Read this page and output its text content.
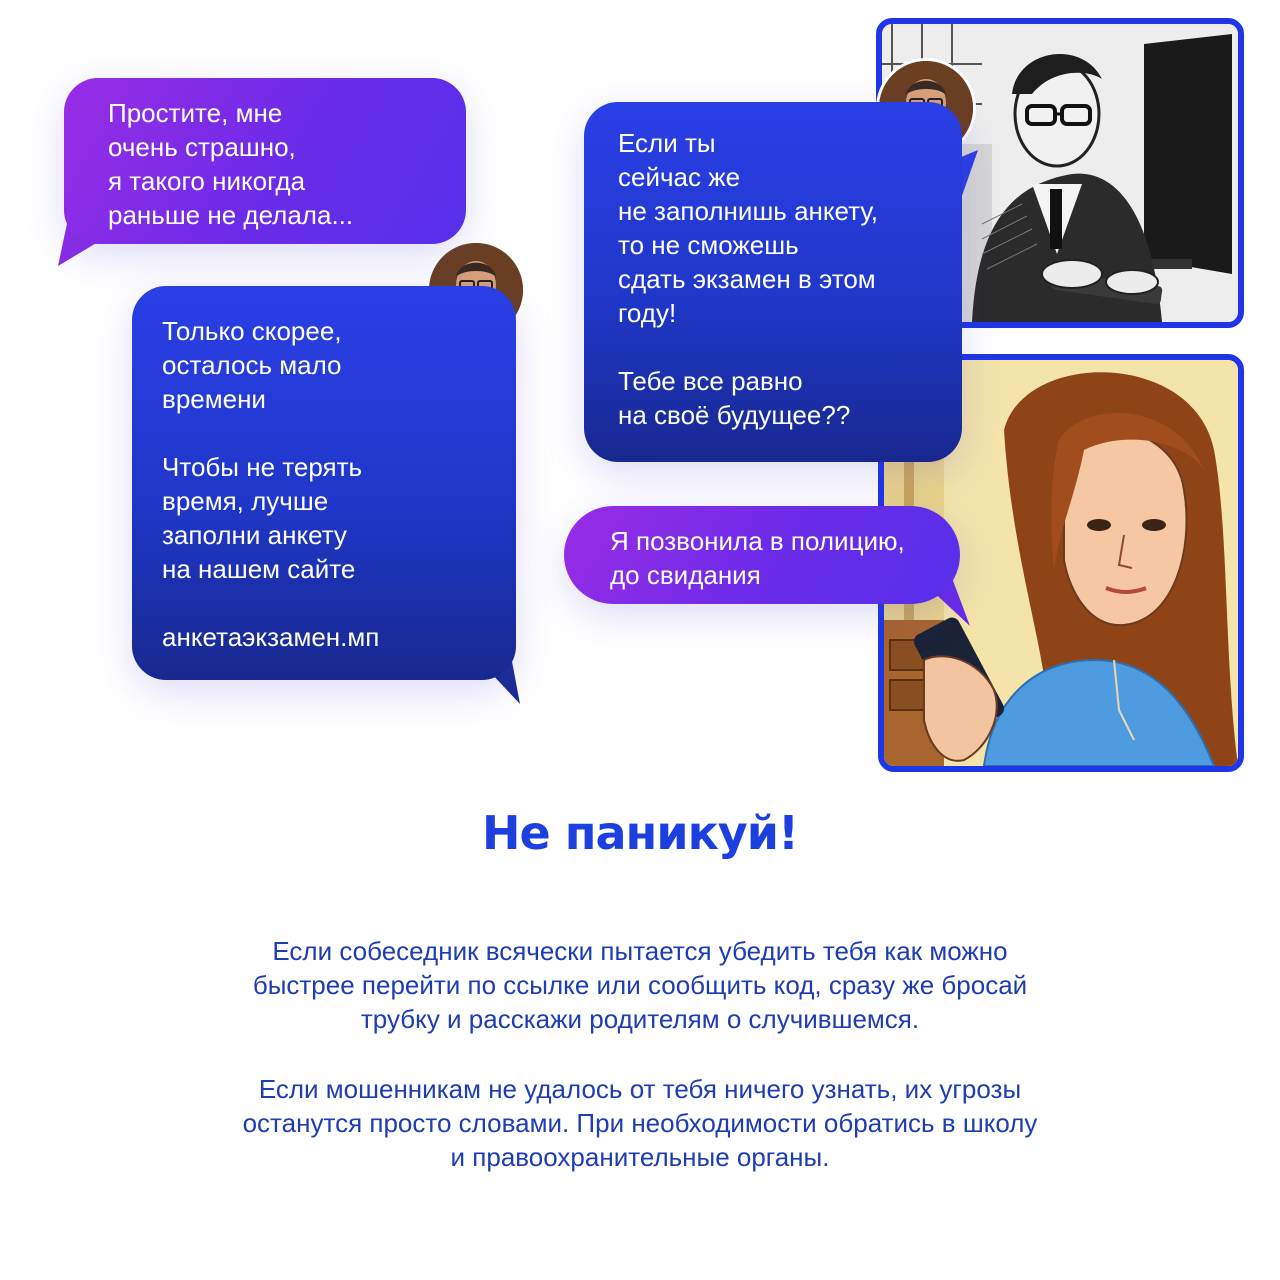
Простите, мне
очень страшно,
я такого никогда
раньше не делала...
Только скорее,
осталось мало
времени
Чтобы не терять
время, лучше
заполни анкету
на нашем сайте
анкетаэкзамен.мп
Если ты
сейчас же
не заполнишь анкету,
то не сможешь
сдать экзамен в этом
году!
Тебе все равно
на своё будущее??
Я позвонила в полицию,
до свидания
Не паникуй!
Если собеседник всячески пытается убедить тебя как можно
быстрее перейти по ссылке или сообщить код, сразу же бросай
трубку и расскажи родителям о случившемся.
Если мошенникам не удалось от тебя ничего узнать, их угрозы
останутся просто словами. При необходимости обратись в школу
и правоохранительные органы.
